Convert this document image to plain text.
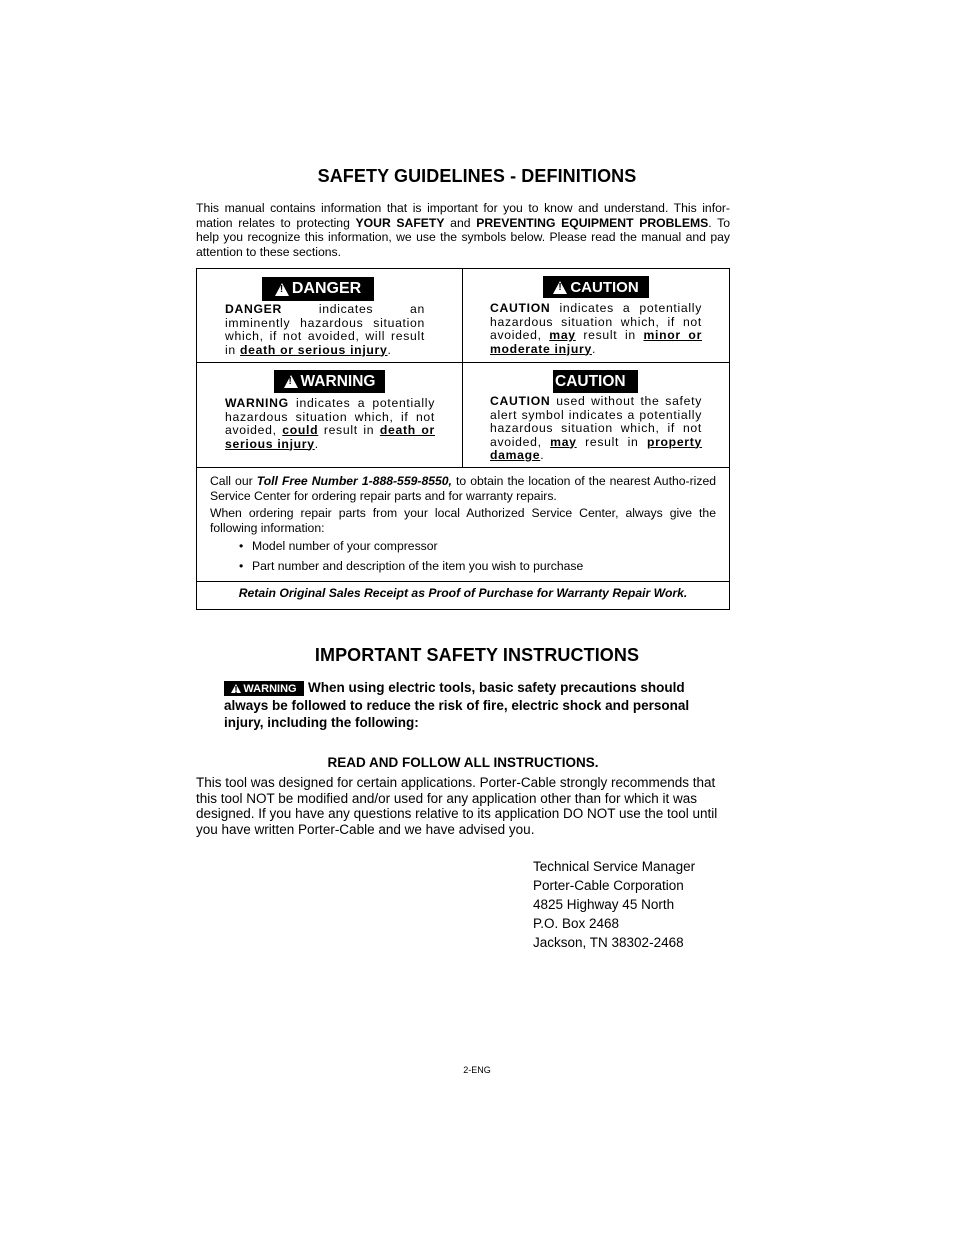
SAFETY GUIDELINES - DEFINITIONS
This manual contains information that is important for you to know and understand. This infor-mation relates to protecting YOUR SAFETY and PREVENTING EQUIPMENT PROBLEMS. To help you recognize this information, we use the symbols below. Please read the manual and pay attention to these sections.
!
DANGER
DANGER indicates an imminently hazardous situation which, if not avoided, will result in death or serious injury.
!
CAUTION
CAUTION indicates a potentially hazardous situation which, if not avoided, may result in minor or moderate injury.
!
WARNING
WARNING indicates a potentially hazardous situation which, if not avoided, could result in death or serious injury.
CAUTION
CAUTION used without the safety alert symbol indicates a potentially hazardous situation which, if not avoided, may result in property damage.

Call our Toll Free Number 1-888-559-8550, to obtain the location of the nearest Autho-rized Service Center for ordering repair parts and for warranty repairs.

When ordering repair parts from your local Authorized Service Center, always give the following information:

• Model number of your compressor
• Part number and description of the item you wish to purchase
Retain Original Sales Receipt as Proof of Purchase for Warranty Repair Work.
IMPORTANT SAFETY INSTRUCTIONS
!
WARNING When using electric tools, basic safety precautions should always be followed to reduce the risk of fire, electric shock and personal injury, including the following:
READ AND FOLLOW ALL INSTRUCTIONS.
This tool was designed for certain applications. Porter-Cable strongly recommends that this tool NOT be modified and/or used for any application other than for which it was designed. If you have any questions relative to its application DO NOT use the tool until you have written Porter-Cable and we have advised you.
Technical Service Manager
Porter-Cable Corporation
4825 Highway 45 North
P.O. Box 2468
Jackson, TN 38302-2468
2-ENG
